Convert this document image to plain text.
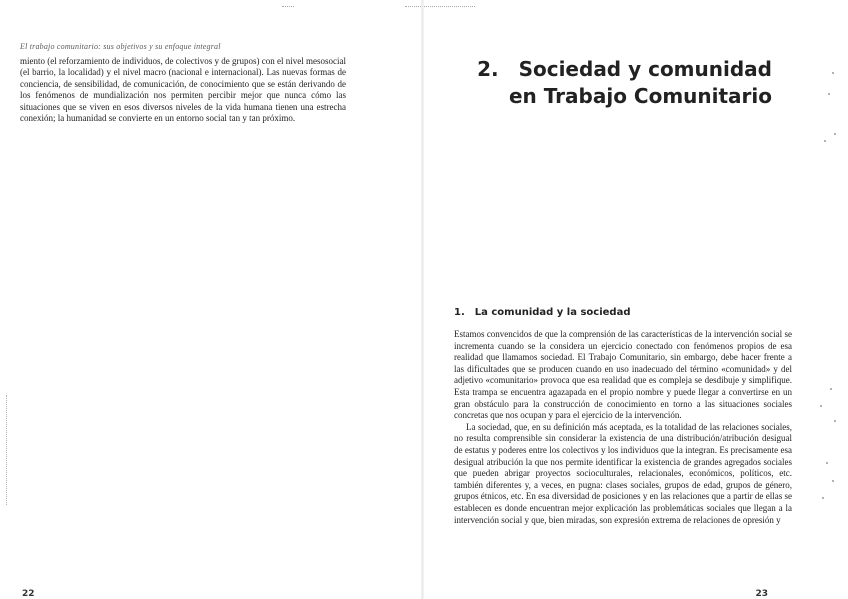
El trabajo comunitario: sus objetivos y su enfoque integral

miento (el reforzamiento de individuos, de colectivos y de grupos) con el nivel mesosocial (el barrio, la localidad) y el nivel macro (nacional e internacional). Las nuevas formas de conciencia, de sensibilidad, de comunicación, de conocimiento que se están derivando de los fenómenos de mundialización nos permiten percibir mejor que nunca cómo las situaciones que se viven en esos diversos niveles de la vida humana tienen una estrecha conexión; la humanidad se convierte en un entorno social tan y tan próximo.

22
2. Sociedad y comunidad
en Trabajo Comunitario
1. La comunidad y la sociedad

Estamos convencidos de que la comprensión de las características de la intervención social se incrementa cuando se la considera un ejercicio conectado con fenómenos propios de esa realidad que llamamos sociedad. El Trabajo Comunitario, sin embargo, debe hacer frente a las dificultades que se producen cuando en uso inadecuado del término «comunidad» y del adjetivo «comunitario» provoca que esa realidad que es compleja se desdibuje y simplifique. Esta trampa se encuentra agazapada en el propio nombre y puede llegar a convertirse en un gran obstáculo para la construcción de conocimiento en torno a las situaciones sociales concretas que nos ocupan y para el ejercicio de la intervención.

La sociedad, que, en su definición más aceptada, es la totalidad de las relaciones sociales, no resulta comprensible sin considerar la existencia de una distribución/atribución desigual de estatus y poderes entre los colectivos y los individuos que la integran. Es precisamente esa desigual atribución la que nos permite identificar la existencia de grandes agregados sociales que pueden abrigar proyectos socioculturales, relacionales, económicos, políticos, etc. también diferentes y, a veces, en pugna: clases sociales, grupos de edad, grupos de género, grupos étnicos, etc. En esa diversidad de posiciones y en las relaciones que a partir de ellas se establecen es donde encuentran mejor explicación las problemáticas sociales que llegan a la intervención social y que, bien miradas, son expresión extrema de relaciones de opresión y

23
